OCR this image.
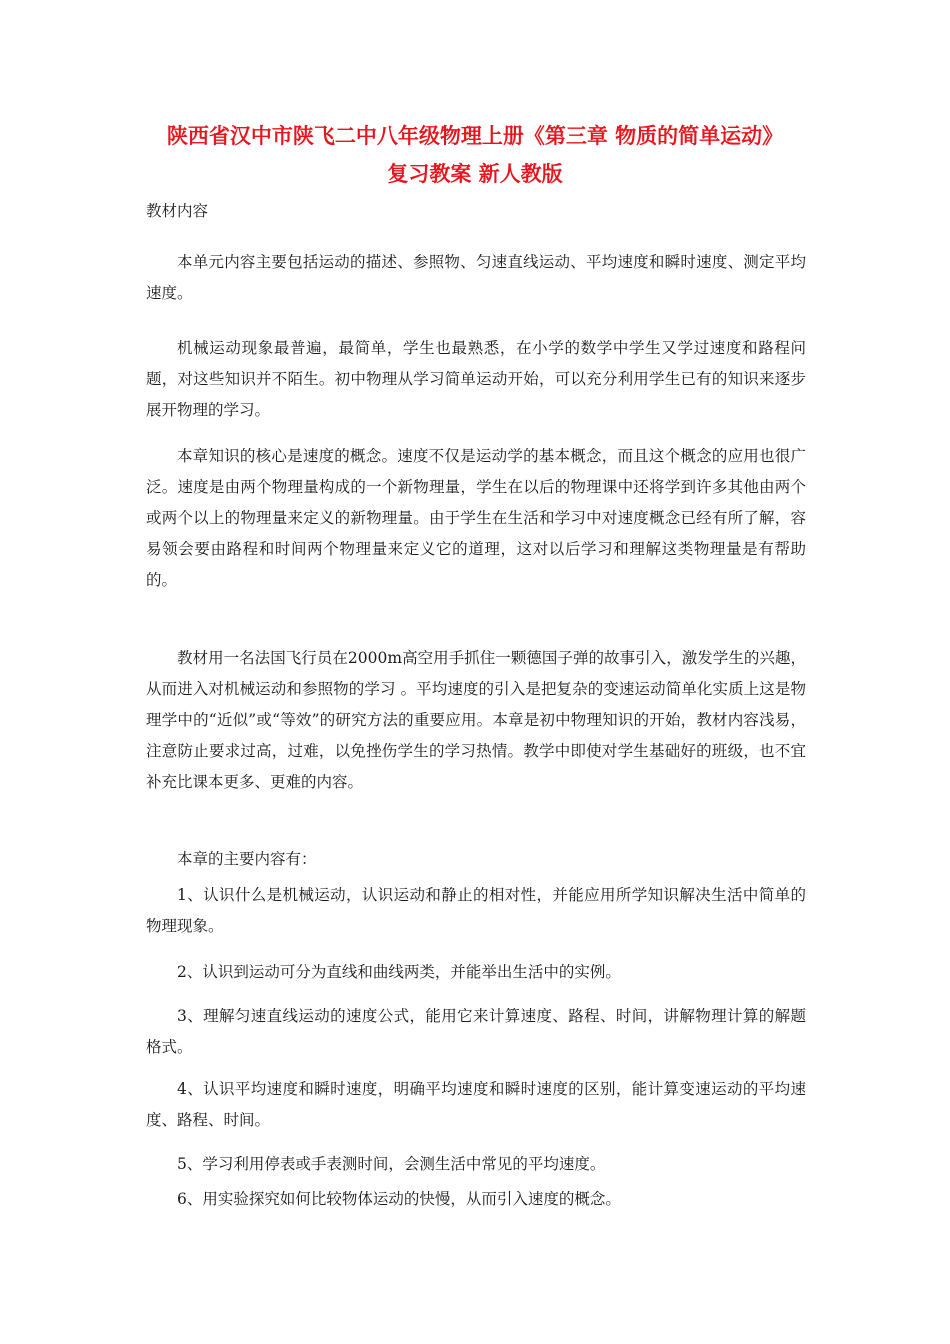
陕西省汉中市陕飞二中八年级物理上册《第三章 物质的简单运动》
复习教案 新人教版
教材内容

本单元内容主要包括运动的描述、参照物、匀速直线运动、平均速度和瞬时速度、测定平均速度。

机械运动现象最普遍，最简单，学生也最熟悉，在小学的数学中学生又学过速度和路程问题，对这些知识并不陌生。初中物理从学习简单运动开始，可以充分利用学生已有的知识来逐步展开物理的学习。

本章知识的核心是速度的概念。速度不仅是运动学的基本概念，而且这个概念的应用也很广泛。速度是由两个物理量构成的一个新物理量，学生在以后的物理课中还将学到许多其他由两个或两个以上的物理量来定义的新物理量。由于学生在生活和学习中对速度概念已经有所了解，容易领会要由路程和时间两个物理量来定义它的道理，这对以后学习和理解这类物理量是有帮助的。

教材用一名法国飞行员在2000m高空用手抓住一颗德国子弹的故事引入，激发学生的兴趣，从而进入对机械运动和参照物的学习 。平均速度的引入是把复杂的变速运动简单化实质上这是物理学中的“近似”或“等效”的研究方法的重要应用。本章是初中物理知识的开始，教材内容浅易，注意防止要求过高，过难，以免挫伤学生的学习热情。教学中即使对学生基础好的班级，也不宜补充比课本更多、更难的内容。

本章的主要内容有：

1、认识什么是机械运动，认识运动和静止的相对性，并能应用所学知识解决生活中简单的物理现象。

2、认识到运动可分为直线和曲线两类，并能举出生活中的实例。

3、理解匀速直线运动的速度公式，能用它来计算速度、路程、时间，讲解物理计算的解题格式。

4、认识平均速度和瞬时速度，明确平均速度和瞬时速度的区别，能计算变速运动的平均速度、路程、时间。

5、学习利用停表或手表测时间，会测生活中常见的平均速度。

6、用实验探究如何比较物体运动的快慢，从而引入速度的概念。
